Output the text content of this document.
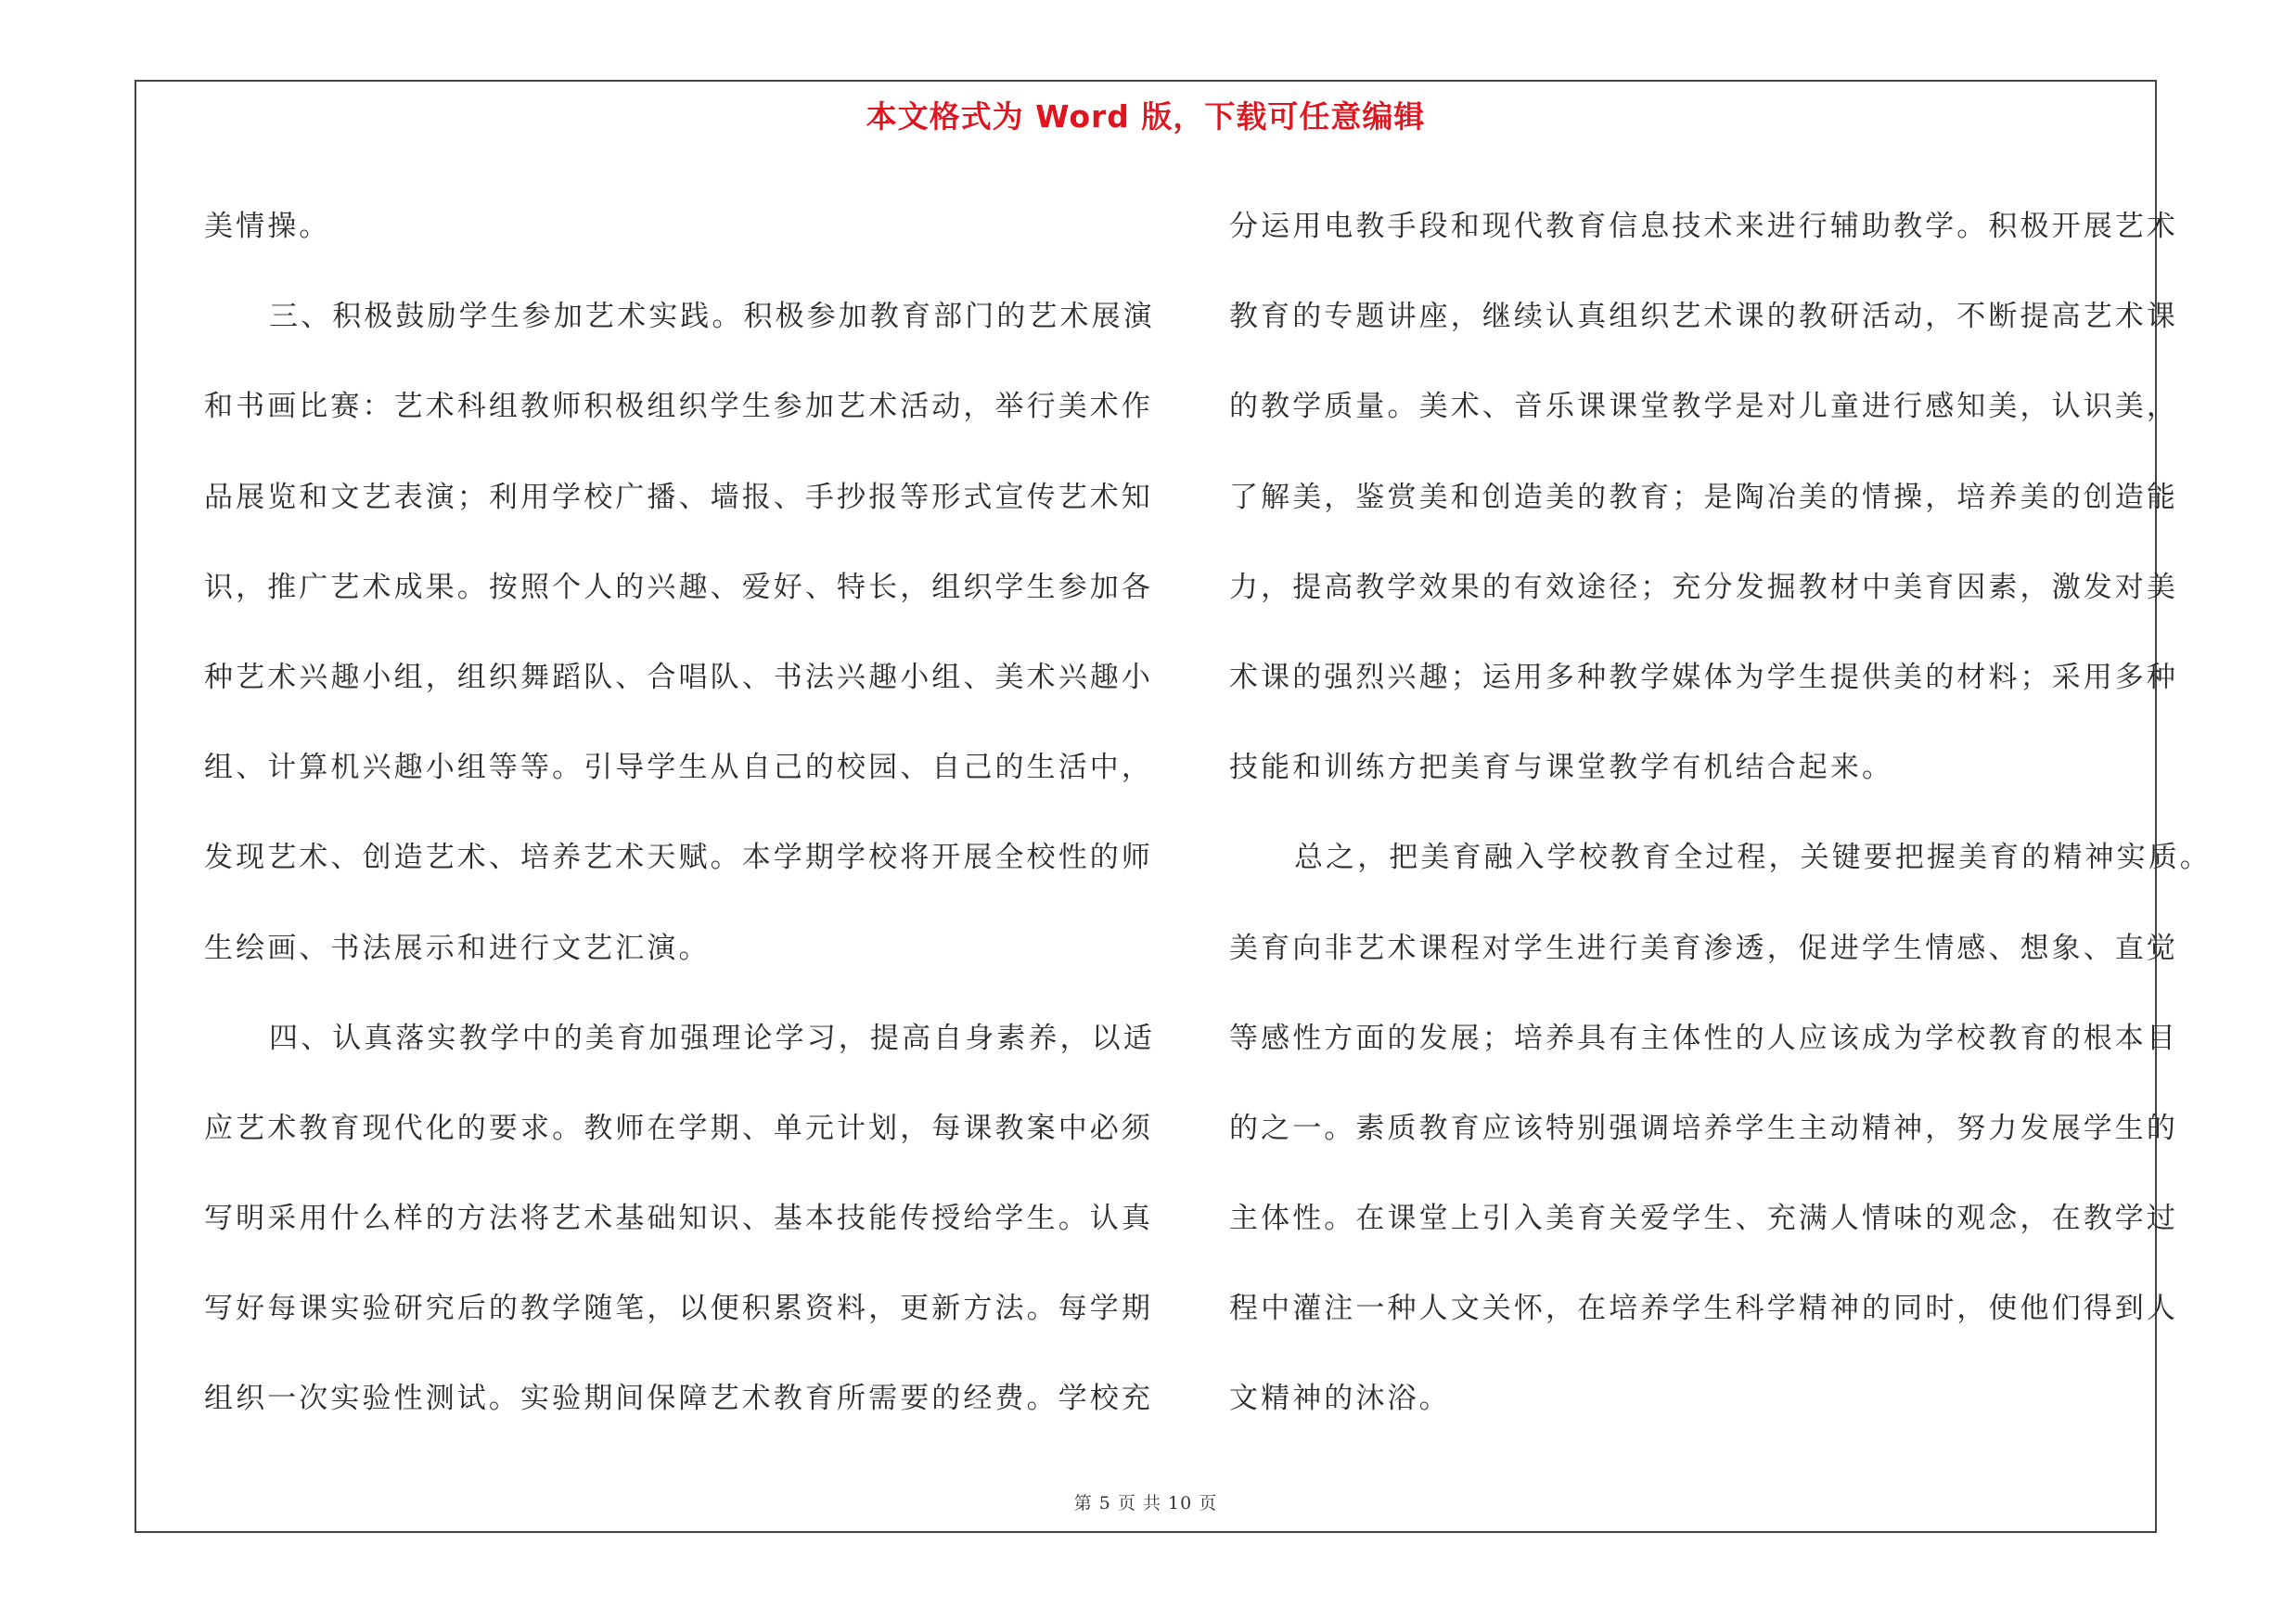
本文格式为 Word 版，下载可任意编辑
第 5 页 共 10 页
美情操。
三、积极鼓励学生参加艺术实践。积极参加教育部门的艺术展演
和书画比赛：艺术科组教师积极组织学生参加艺术活动，举行美术作
品展览和文艺表演；利用学校广播、墙报、手抄报等形式宣传艺术知
识，推广艺术成果。按照个人的兴趣、爱好、特长，组织学生参加各
种艺术兴趣小组，组织舞蹈队、合唱队、书法兴趣小组、美术兴趣小
组、计算机兴趣小组等等。引导学生从自己的校园、自己的生活中，
发现艺术、创造艺术、培养艺术天赋。本学期学校将开展全校性的师
生绘画、书法展示和进行文艺汇演。
四、认真落实教学中的美育加强理论学习，提高自身素养，以适
应艺术教育现代化的要求。教师在学期、单元计划，每课教案中必须
写明采用什么样的方法将艺术基础知识、基本技能传授给学生。认真
写好每课实验研究后的教学随笔，以便积累资料，更新方法。每学期
组织一次实验性测试。实验期间保障艺术教育所需要的经费。学校充
分运用电教手段和现代教育信息技术来进行辅助教学。积极开展艺术
教育的专题讲座，继续认真组织艺术课的教研活动，不断提高艺术课
的教学质量。美术、音乐课课堂教学是对儿童进行感知美，认识美，
了解美，鉴赏美和创造美的教育；是陶冶美的情操，培养美的创造能
力，提高教学效果的有效途径；充分发掘教材中美育因素，激发对美
术课的强烈兴趣；运用多种教学媒体为学生提供美的材料；采用多种
技能和训练方把美育与课堂教学有机结合起来。
总之，把美育融入学校教育全过程，关键要把握美育的精神实质。
美育向非艺术课程对学生进行美育渗透，促进学生情感、想象、直觉
等感性方面的发展；培养具有主体性的人应该成为学校教育的根本目
的之一。素质教育应该特别强调培养学生主动精神，努力发展学生的
主体性。在课堂上引入美育关爱学生、充满人情味的观念，在教学过
程中灌注一种人文关怀，在培养学生科学精神的同时，使他们得到人
文精神的沐浴。
